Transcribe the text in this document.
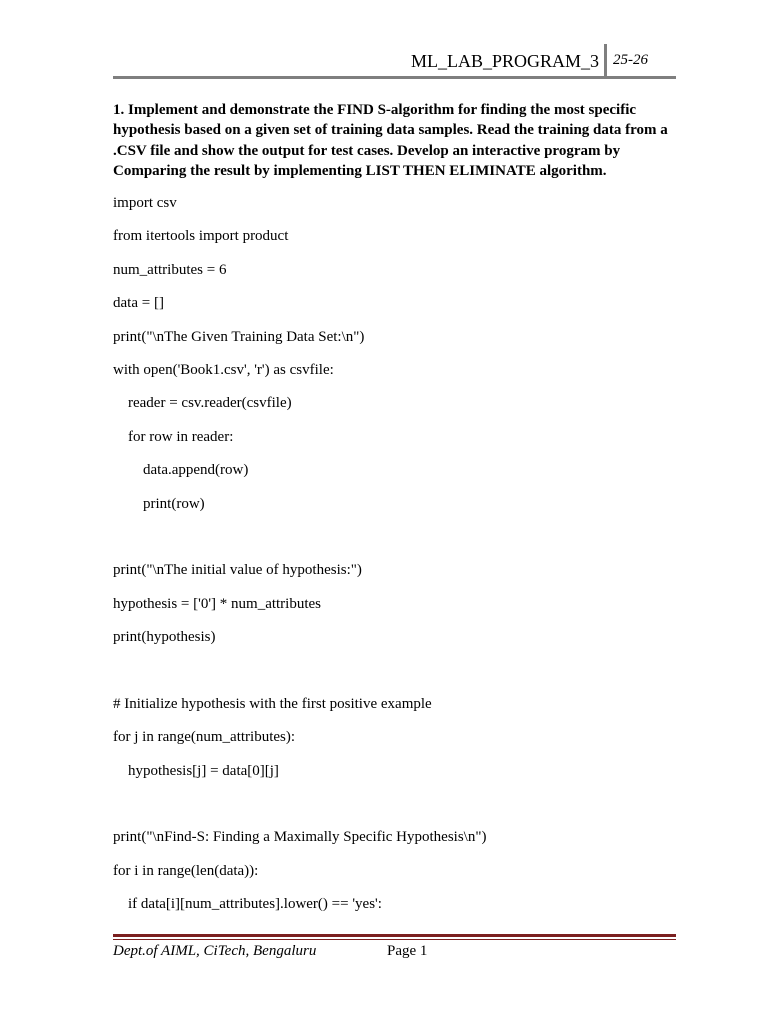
ML_LAB_PROGRAM_3 25-26

1. Implement and demonstrate the FIND S-algorithm for finding the most specific hypothesis based on a given set of training data samples. Read the training data from a .CSV file and show the output for test cases. Develop an interactive program by Comparing the result by implementing LIST THEN ELIMINATE algorithm.

import csv
from itertools import product
num_attributes = 6
data = []
print("\nThe Given Training Data Set:\n")
with open('Book1.csv', 'r') as csvfile:
reader = csv.reader(csvfile)
for row in reader:
data.append(row)
print(row)
print("\nThe initial value of hypothesis:")
hypothesis = ['0'] * num_attributes
print(hypothesis)
# Initialize hypothesis with the first positive example
for j in range(num_attributes):
hypothesis[j] = data[0][j]
print("\nFind-S: Finding a Maximally Specific Hypothesis\n")
for i in range(len(data)):
if data[i][num_attributes].lower() == 'yes':
Dept.of AIML, CiTech, Bengaluru	Page 1
